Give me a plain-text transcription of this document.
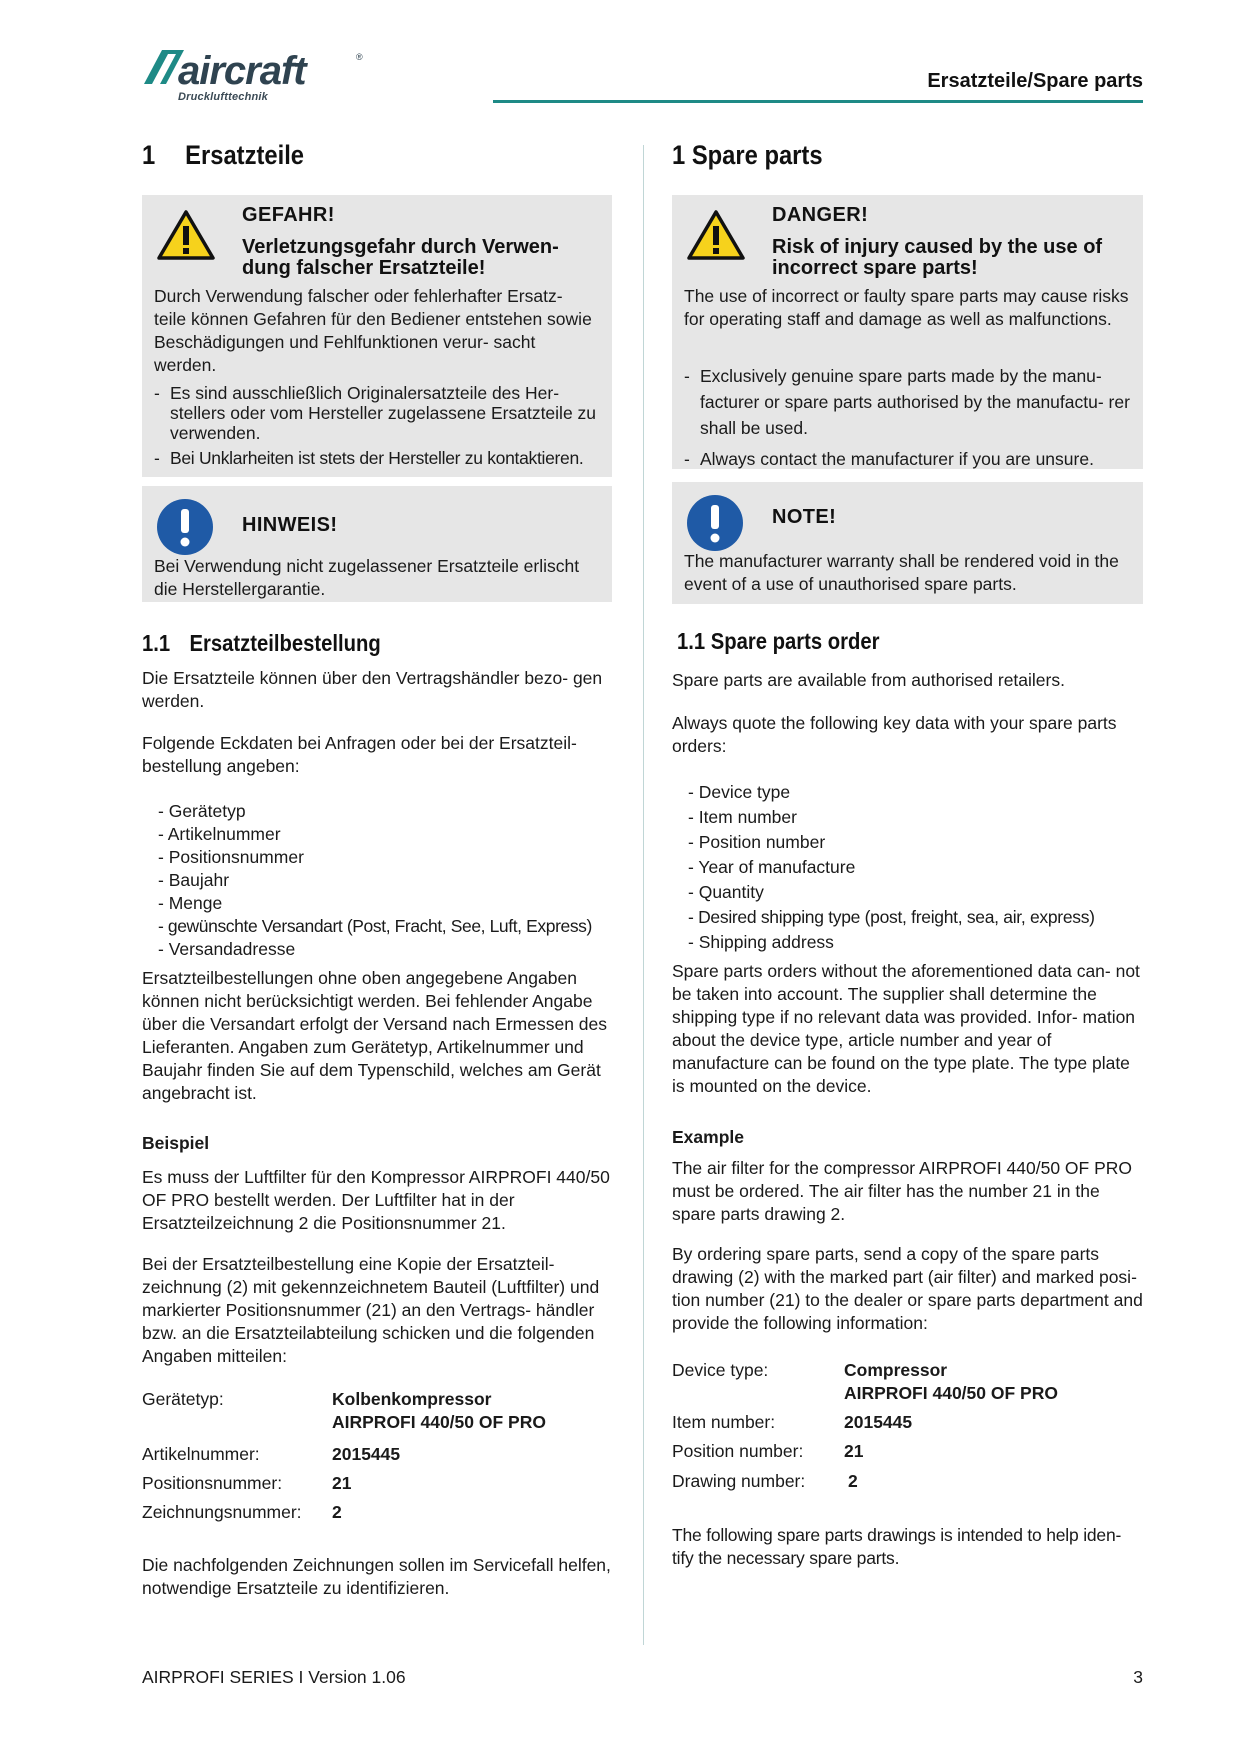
aircraft	®
Drucklufttechnik
Ersatzteile/Spare parts
1 Ersatzteile
GEFAHR!
Verletzungsgefahr durch Verwen- dung falscher Ersatzteile!
Durch Verwendung falscher oder fehlerhafter Ersatz- teile können Gefahren für den Bediener entstehen sowie Beschädigungen und Fehlfunktionen verur- sacht werden.
- Es sind ausschließlich Originalersatzteile des Her- stellers oder vom Hersteller zugelassene Ersatzteile zu verwenden.
- Bei Unklarheiten ist stets der Hersteller zu kontaktieren.
HINWEIS!
Bei Verwendung nicht zugelassener Ersatzteile erlischt die Herstellergarantie.
1.1 Ersatzteilbestellung

Die Ersatzteile können über den Vertragshändler bezo- gen werden.

Folgende Eckdaten bei Anfragen oder bei der Ersatzteil- bestellung angeben:

- Gerätetyp
- Artikelnummer
- Positionsnummer
- Baujahr
- Menge
- gewünschte Versandart (Post, Fracht, See, Luft, Express)
- Versandadresse

Ersatzteilbestellungen ohne oben angegebene Angaben können nicht berücksichtigt werden. Bei fehlender Angabe über die Versandart erfolgt der Versand nach Ermessen des Lieferanten. Angaben zum Gerätetyp, Artikelnummer und Baujahr finden Sie auf dem Typenschild, welches am Gerät angebracht ist.

Beispiel

Es muss der Luftfilter für den Kompressor AIRPROFI 440/50 OF PRO bestellt werden. Der Luftfilter hat in der Ersatzteilzeichnung 2 die Positionsnummer 21.

Bei der Ersatzteilbestellung eine Kopie der Ersatzteil- zeichnung (2) mit gekennzeichnetem Bauteil (Luftfilter) und markierter Positionsnummer (21) an den Vertrags- händler bzw. an die Ersatzteilabteilung schicken und die folgenden Angaben mitteilen:

Gerätetyp:	Kolbenkompressor
AIRPROFI 440/50 OF PRO
Artikelnummer:	2015445
Positionsnummer:	21
Zeichnungsnummer: 2

Die nachfolgenden Zeichnungen sollen im Servicefall helfen, notwendige Ersatzteile zu identifizieren.

1 Spare parts
DANGER!
Risk of injury caused by the use of incorrect spare parts!
The use of incorrect or faulty spare parts may cause risks for operating staff and damage as well as malfunctions.
- Exclusively genuine spare parts made by the manu- facturer or spare parts authorised by the manufactu- rer shall be used.
- Always contact the manufacturer if you are unsure.
NOTE!
The manufacturer warranty shall be rendered void in the event of a use of unauthorised spare parts.
1.1 Spare parts order

Spare parts are available from authorised retailers.

Always quote the following key data with your spare parts orders:

- Device type
- Item number
- Position number
- Year of manufacture
- Quantity
- Desired shipping type (post, freight, sea, air, express)
- Shipping address

Spare parts orders without the aforementioned data can- not be taken into account. The supplier shall determine the shipping type if no relevant data was provided. Infor- mation about the device type, article number and year of manufacture can be found on the type plate. The type plate is mounted on the device.

Example

The air filter for the compressor AIRPROFI 440/50 OF PRO must be ordered. The air filter has the number 21 in the spare parts drawing 2.

By ordering spare parts, send a copy of the spare parts drawing (2) with the marked part (air filter) and marked posi- tion number (21) to the dealer or spare parts department and provide the following information:

Device type:	Compressor
AIRPROFI 440/50 OF PRO
Item number:	2015445
Position number: 21
Drawing number: 2

The following spare parts drawings is intended to help iden- tify the necessary spare parts.

AIRPROFI SERIES I Version 1.06	3
